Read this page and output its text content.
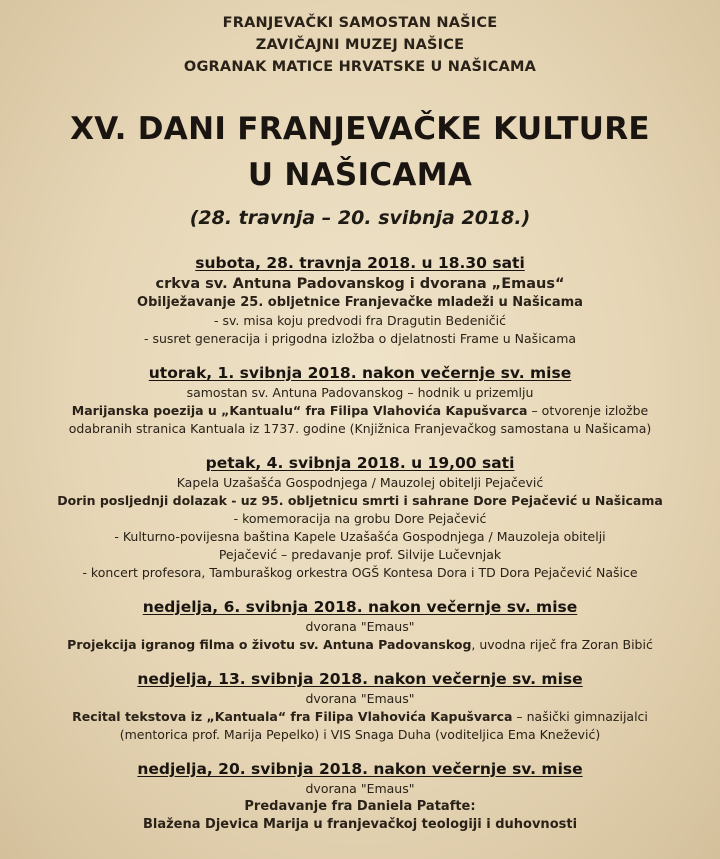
FRANJEVAČKI SAMOSTAN NAŠICE
ZAVIČAJNI MUZEJ NAŠICE
OGRANAK MATICE HRVATSKE U NAŠICAMA
XV. DANI FRANJEVAČKE KULTURE
U NAŠICAMA
(28. travnja – 20. svibnja 2018.)
subota, 28. travnja 2018. u 18.30 sati
crkva sv. Antuna Padovanskog i dvorana „Emaus“
Obilježavanje 25. obljetnice Franjevačke mladeži u Našicama
- sv. misa koju predvodi fra Dragutin Bedeničić
- susret generacija i prigodna izložba o djelatnosti Frame u Našicama
utorak, 1. svibnja 2018. nakon večernje sv. mise
samostan sv. Antuna Padovanskog – hodnik u prizemlju
Marijanska poezija u „Kantualu“ fra Filipa Vlahovića Kapušvarca – otvorenje izložbe
odabranih stranica Kantuala iz 1737. godine (Knjižnica Franjevačkog samostana u Našicama)
petak, 4. svibnja 2018. u 19,00 sati
Kapela Uzašašća Gospodnjega / Mauzolej obitelji Pejačević
Dorin posljednji dolazak - uz 95. obljetnicu smrti i sahrane Dore Pejačević u Našicama
- komemoracija na grobu Dore Pejačević
- Kulturno-povijesna baština Kapele Uzašašća Gospodnjega / Mauzoleja obitelji
Pejačević – predavanje prof. Silvije Lučevnjak
- koncert profesora, Tamburaškog orkestra OGŠ Kontesa Dora i TD Dora Pejačević Našice
nedjelja, 6. svibnja 2018. nakon večernje sv. mise
dvorana "Emaus"
Projekcija igranog filma o životu sv. Antuna Padovanskog, uvodna riječ fra Zoran Bibić
nedjelja, 13. svibnja 2018. nakon večernje sv. mise
dvorana "Emaus"
Recital tekstova iz „Kantuala“ fra Filipa Vlahovića Kapušvarca – našički gimnazijalci
(mentorica prof. Marija Pepelko) i VIS Snaga Duha (voditeljica Ema Knežević)
nedjelja, 20. svibnja 2018. nakon večernje sv. mise
dvorana "Emaus"
Predavanje fra Daniela Patafte:
Blažena Djevica Marija u franjevačkoj teologiji i duhovnosti
